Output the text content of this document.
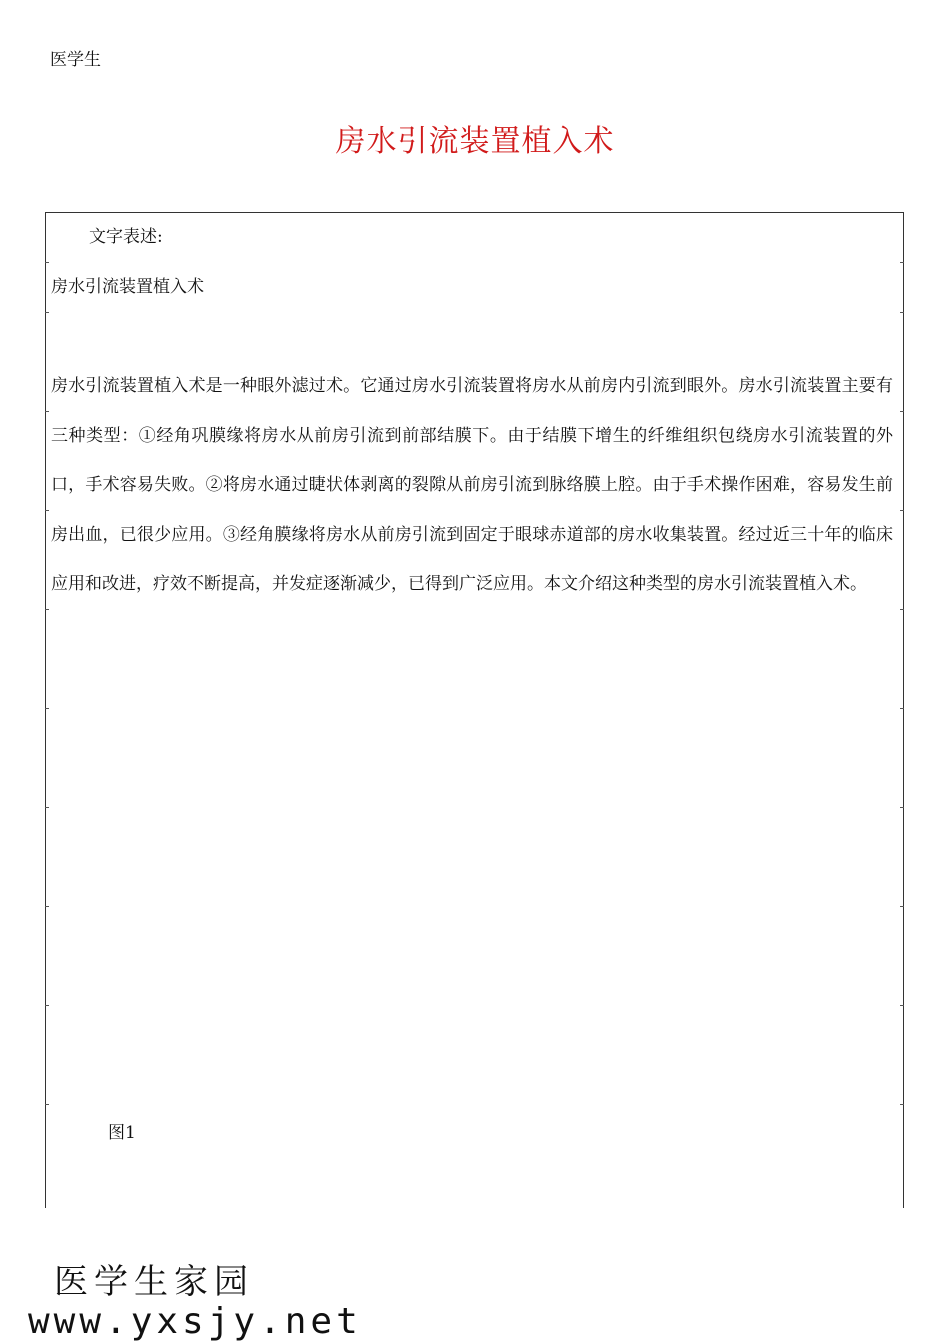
医学生
房水引流装置植入术
文字表述:
房水引流装置植入术

房水引流装置植入术是一种眼外滤过术。它通过房水引流装置将房水从前房内引流到眼外。房水引流装置主要有三种类型：①经角巩膜缘将房水从前房引流到前部结膜下。由于结膜下增生的纤维组织包绕房水引流装置的外口，手术容易失败。②将房水通过睫状体剥离的裂隙从前房引流到脉络膜上腔。由于手术操作困难，容易发生前房出血，已很少应用。③经角膜缘将房水从前房引流到固定于眼球赤道部的房水收集装置。经过近三十年的临床应用和改进，疗效不断提高，并发症逐渐减少，已得到广泛应用。本文介绍这种类型的房水引流装置植入术。

图1
医学生家园
www.yxsjy.net
